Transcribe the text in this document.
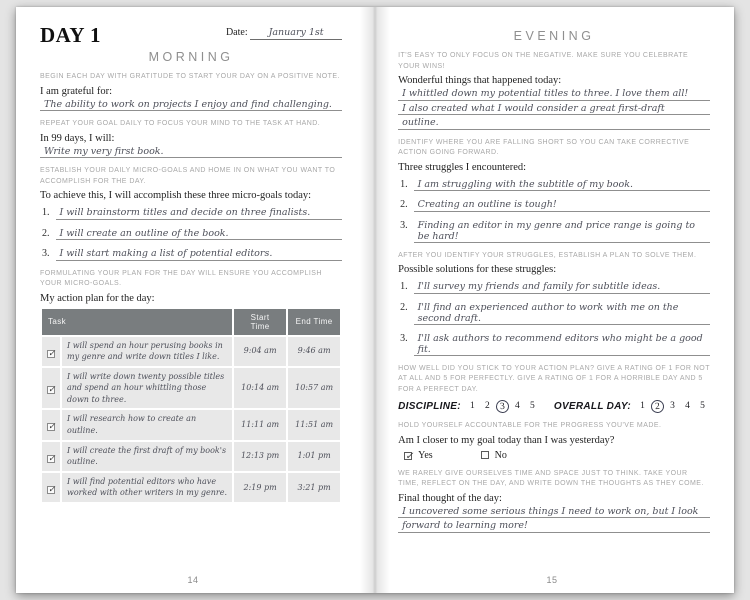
DAY 1	Date: January 1st
MORNING

BEGIN EACH DAY WITH GRATITUDE TO START YOUR DAY ON A POSITIVE NOTE.

I am grateful for:

The ability to work on projects I enjoy and find challenging.

REPEAT YOUR GOAL DAILY TO FOCUS YOUR MIND TO THE TASK AT HAND.

In 99 days, I will:

Write my very first book.

ESTABLISH YOUR DAILY MICRO-GOALS AND HOME IN ON WHAT YOU WANT TO ACCOMPLISH FOR THE DAY.

To achieve this, I will accomplish these three micro-goals today:

1.	I will brainstorm titles and decide on three finalists.
2.	I will create an outline of the book.
3.	I will start making a list of potential editors.

FORMULATING YOUR PLAN FOR THE DAY WILL ENSURE YOU ACCOMPLISH YOUR MICRO-GOALS.

My action plan for the day:

Task		Start Time	End Time
✓	I will spend an hour perusing books in my genre and write down titles I like.	9:04 am	9:46 am
✓	I will write down twenty possible titles and spend an hour whittling those down to three.	10:14 am	10:57 am
✓	I will research how to create an outline.	11:11 am	11:51 am
✓	I will create the first draft of my book's outline.	12:13 pm	1:01 pm
✓	I will find potential editors who have worked with other writers in my genre.	2:19 pm	3:21 pm
14
EVENING

IT'S EASY TO ONLY FOCUS ON THE NEGATIVE. MAKE SURE YOU CELEBRATE YOUR WINS!

Wonderful things that happened today:

I whittled down my potential titles to three. I love them all!
I also created what I would consider a great first-draft
outline.

IDENTIFY WHERE YOU ARE FALLING SHORT SO YOU CAN TAKE CORRECTIVE ACTION GOING FORWARD.

Three struggles I encountered:

1.	I am struggling with the subtitle of my book.
2.	Creating an outline is tough!
3.	Finding an editor in my genre and price range is going to be hard!

AFTER YOU IDENTIFY YOUR STRUGGLES, ESTABLISH A PLAN TO SOLVE THEM.

Possible solutions for these struggles:

1.	I'll survey my friends and family for subtitle ideas.
2.	I'll find an experienced author to work with me on the second draft.
3.	I'll ask authors to recommend editors who might be a good fit.

HOW WELL DID YOU STICK TO YOUR ACTION PLAN? GIVE A RATING OF 1 FOR NOT AT ALL AND 5 FOR PERFECTLY. GIVE A RATING OF 1 FOR A HORRIBLE DAY AND 5 FOR A PERFECT DAY.

DISCIPLINE: 1	2	3	4	5	OVERALL DAY: 1	2	3	4	5

HOLD YOURSELF ACCOUNTABLE FOR THE PROGRESS YOU'VE MADE.

Am I closer to my goal today than I was yesterday?

✓ Yes	No

WE RARELY GIVE OURSELVES TIME AND SPACE JUST TO THINK. TAKE YOUR TIME, REFLECT ON THE DAY, AND WRITE DOWN THE THOUGHTS AS THEY COME.

Final thought of the day:

I uncovered some serious things I need to work on, but I look
forward to learning more!
15
